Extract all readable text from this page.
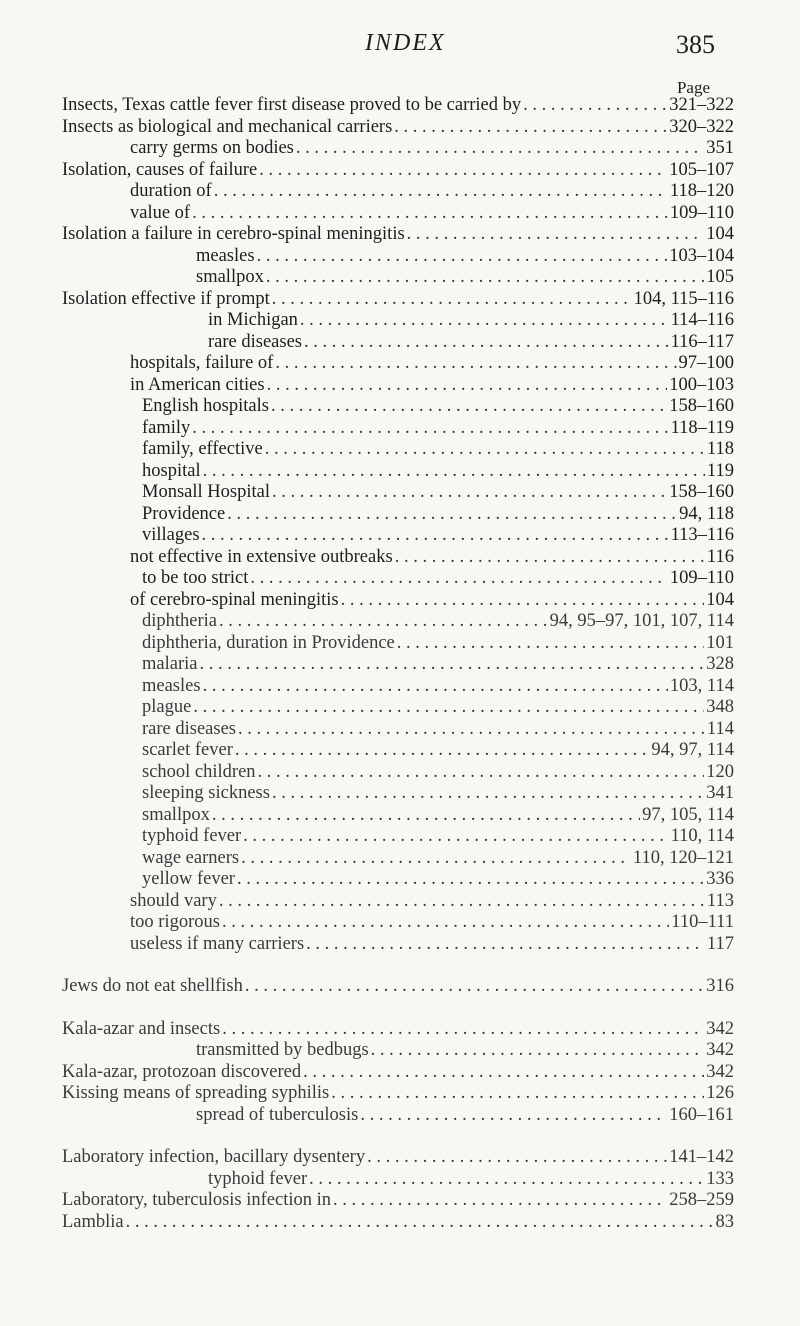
INDEX	385
Page
Insects, Texas cattle fever first disease proved to be carried by . . .	321–322
Insects as biological and mechanical carriers . . .	320–322
carry germs on bodies . . .	351
Isolation, causes of failure . . .	105–107
duration of . . .	118–120
value of . . .	109–110
Isolation a failure in cerebro-spinal meningitis . . .	104
measles . . .	103–104
smallpox . . .	105
Isolation effective if prompt . . .	104, 115–116
in Michigan . . .	114–116
rare diseases . . .	116–117
hospitals, failure of . . .	97–100
in American cities . . .	100–103
English hospitals . . .	158–160
family . . .	118–119
family, effective . . .	118
hospital . . .	119
Monsall Hospital . . .	158–160
Providence . . .	94, 118
villages . . .	113–116
not effective in extensive outbreaks . . .	116
to be too strict . . .	109–110
of cerebro-spinal meningitis . . .	104
diphtheria . . .	94, 95–97, 101, 107, 114
diphtheria, duration in Providence . . .	101
malaria . . .	328
measles . . .	103, 114
plague . . .	348
rare diseases . . .	114
scarlet fever . . .	94, 97, 114
school children . . .	120
sleeping sickness . . .	341
smallpox . . .	97, 105, 114
typhoid fever . . .	110, 114
wage earners . . .	110, 120–121
yellow fever . . .	336
should vary . . .	113
too rigorous . . .	110–111
useless if many carriers . . .	117
Jews do not eat shellfish . . .	316
Kala-azar and insects . . .	342
transmitted by bedbugs . . .	342
Kala-azar, protozoan discovered . . .	342
Kissing means of spreading syphilis . . .	126
spread of tuberculosis . . .	160–161
Laboratory infection, bacillary dysentery . . .	141–142
typhoid fever . . .	133
Laboratory, tuberculosis infection in . . .	258–259
Lamblia . . .	83
